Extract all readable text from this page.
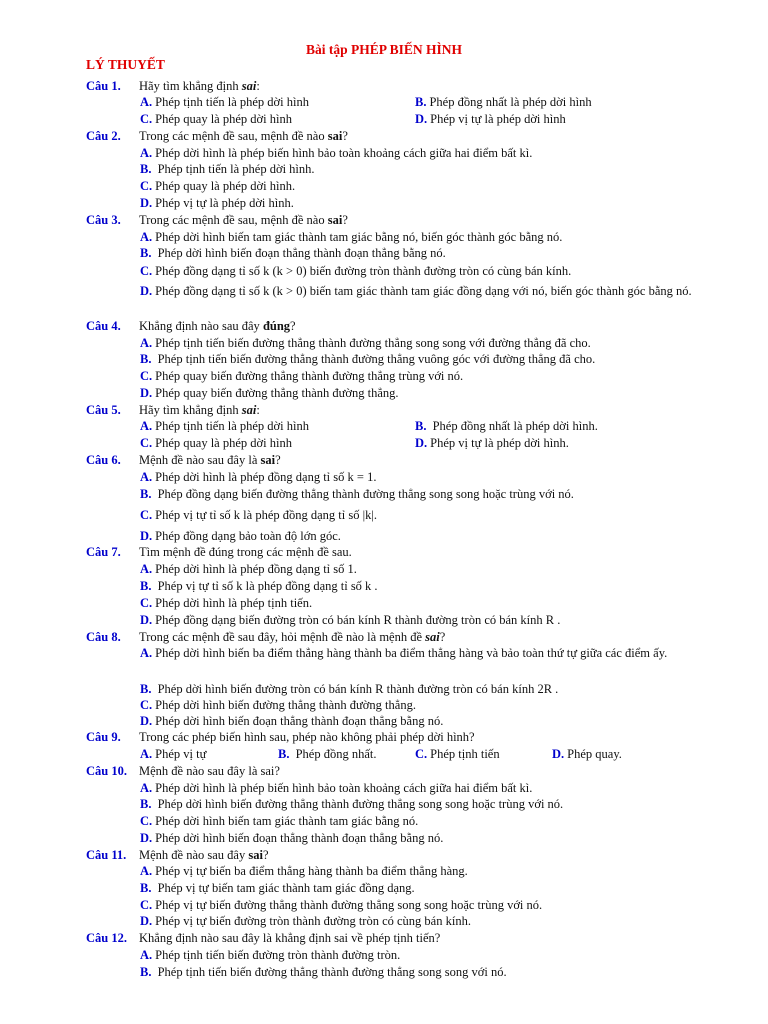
Bài tập PHÉP BIẾN HÌNH
LÝ THUYẾT
Câu 1. Hãy tìm khẳng định sai:
A. Phép tịnh tiến là phép dời hình	B. Phép đồng nhất là phép dời hình
C. Phép quay là phép dời hình	D. Phép vị tự là phép dời hình
Câu 2. Trong các mệnh đề sau, mệnh đề nào sai?
A. Phép dời hình là phép biến hình bảo toàn khoảng cách giữa hai điểm bất kì.
B. Phép tịnh tiến là phép dời hình.
C. Phép quay là phép dời hình.
D. Phép vị tự là phép dời hình.
Câu 3. Trong các mệnh đề sau, mệnh đề nào sai?
A. Phép dời hình biến tam giác thành tam giác bằng nó, biến góc thành góc bằng nó.
B. Phép dời hình biến đoạn thẳng thành đoạn thẳng bằng nó.
C. Phép đồng dạng tỉ số k (k > 0) biến đường tròn thành đường tròn có cùng bán kính.
D. Phép đồng dạng tỉ số k (k > 0) biến tam giác thành tam giác đồng dạng với nó, biến góc thành góc bằng nó.
Câu 4. Khẳng định nào sau đây đúng?
A. Phép tịnh tiến biến đường thẳng thành đường thẳng song song với đường thẳng đã cho.
B. Phép tịnh tiến biến đường thẳng thành đường thẳng vuông góc với đường thẳng đã cho.
C. Phép quay biến đường thẳng thành đường thẳng trùng với nó.
D. Phép quay biến đường thẳng thành đường thẳng.
Câu 5. Hãy tìm khẳng định sai:
A. Phép tịnh tiến là phép dời hình	B. Phép đồng nhất là phép dời hình.
C. Phép quay là phép dời hình	D. Phép vị tự là phép dời hình.
Câu 6. Mệnh đề nào sau đây là sai?
A. Phép dời hình là phép đồng dạng tỉ số k = 1.
B. Phép đồng dạng biến đường thẳng thành đường thẳng song song hoặc trùng với nó.
C. Phép vị tự tỉ số k là phép đồng dạng tỉ số |k|.
D. Phép đồng dạng bảo toàn độ lớn góc.
Câu 7. Tìm mệnh đề đúng trong các mệnh đề sau.
A. Phép dời hình là phép đồng dạng tỉ số 1.
B. Phép vị tự tỉ số k là phép đồng dạng tỉ số k .
C. Phép dời hình là phép tịnh tiến.
D. Phép đồng dạng biến đường tròn có bán kính R thành đường tròn có bán kính R .
Câu 8. Trong các mệnh đề sau đây, hỏi mệnh đề nào là mệnh đề sai?
A. Phép dời hình biến ba điểm thẳng hàng thành ba điểm thẳng hàng và bảo toàn thứ tự giữa các điểm ấy.
B. Phép dời hình biến đường tròn có bán kính R thành đường tròn có bán kính 2R .
C. Phép dời hình biến đường thẳng thành đường thẳng.
D. Phép dời hình biến đoạn thẳng thành đoạn thẳng bằng nó.
Câu 9. Trong các phép biến hình sau, phép nào không phải phép dời hình?
A. Phép vị tự	B. Phép đồng nhất.	C. Phép tịnh tiến	D. Phép quay.
Câu 10. Mệnh đề nào sau đây là sai?
A. Phép dời hình là phép biến hình bảo toàn khoảng cách giữa hai điểm bất kì.
B. Phép dời hình biến đường thẳng thành đường thẳng song song hoặc trùng với nó.
C. Phép dời hình biến tam giác thành tam giác bằng nó.
D. Phép dời hình biến đoạn thẳng thành đoạn thẳng bằng nó.
Câu 11. Mệnh đề nào sau đây sai?
A. Phép vị tự biến ba điểm thẳng hàng thành ba điểm thẳng hàng.
B. Phép vị tự biến tam giác thành tam giác đồng dạng.
C. Phép vị tự biến đường thẳng thành đường thẳng song song hoặc trùng với nó.
D. Phép vị tự biến đường tròn thành đường tròn có cùng bán kính.
Câu 12. Khẳng định nào sau đây là khẳng định sai về phép tịnh tiến?
A. Phép tịnh tiến biến đường tròn thành đường tròn.
B. Phép tịnh tiến biến đường thẳng thành đường thẳng song song với nó.
